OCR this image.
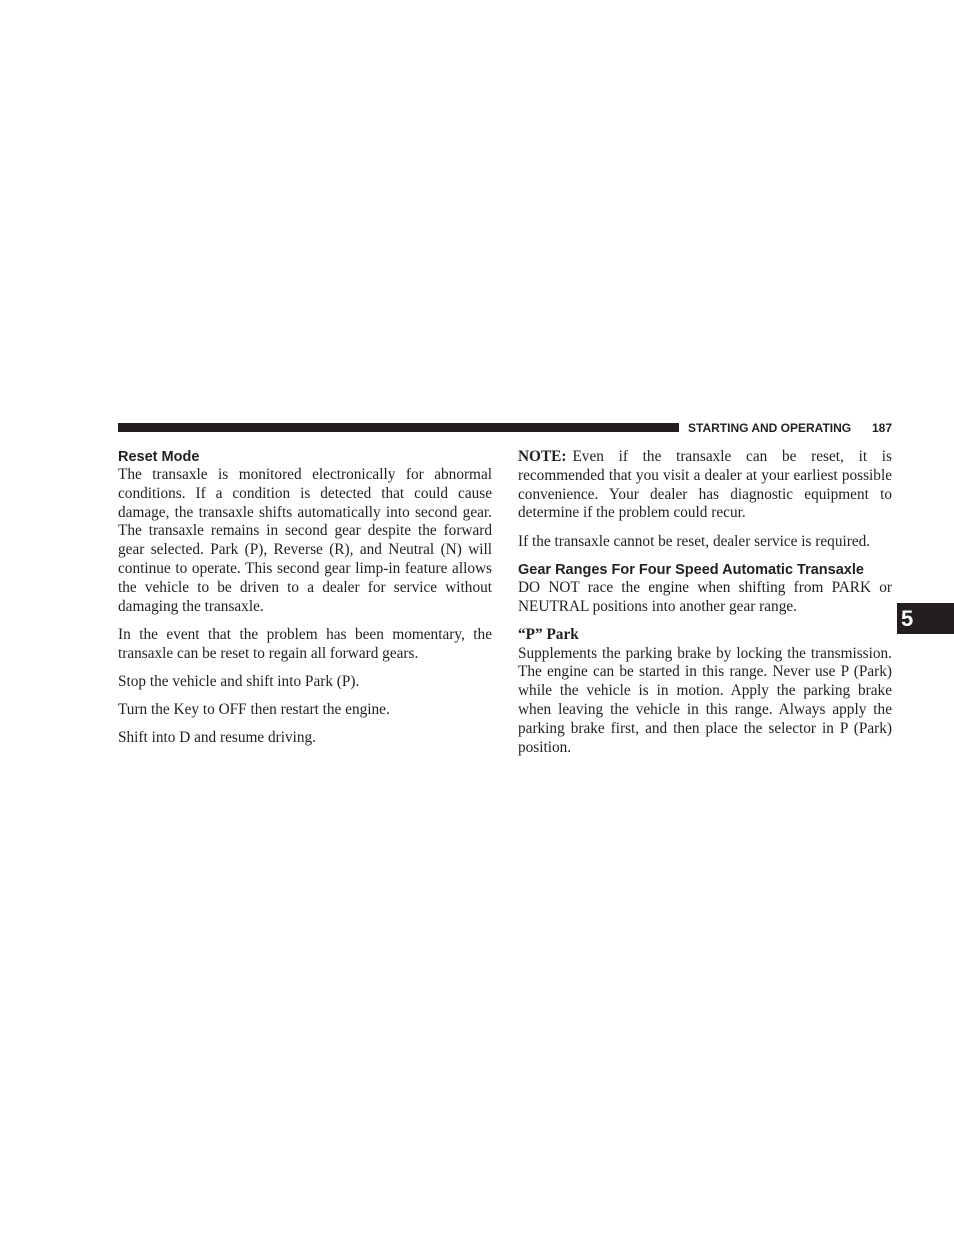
STARTING AND OPERATING 187
Reset Mode

The transaxle is monitored electronically for abnormal conditions. If a condition is detected that could cause damage, the transaxle shifts automatically into second gear. The transaxle remains in second gear despite the forward gear selected. Park (P), Reverse (R), and Neutral (N) will continue to operate. This second gear limp-in feature allows the vehicle to be driven to a dealer for service without damaging the transaxle.

In the event that the problem has been momentary, the transaxle can be reset to regain all forward gears.

Stop the vehicle and shift into Park (P).

Turn the Key to OFF then restart the engine.

Shift into D and resume driving.

NOTE: Even if the transaxle can be reset, it is recommended that you visit a dealer at your earliest possible convenience. Your dealer has diagnostic equipment to determine if the problem could recur.

If the transaxle cannot be reset, dealer service is required.

Gear Ranges For Four Speed Automatic Transaxle

DO NOT race the engine when shifting from PARK or NEUTRAL positions into another gear range.

“P” Park

Supplements the parking brake by locking the transmission. The engine can be started in this range. Never use P (Park) while the vehicle is in motion. Apply the parking brake when leaving the vehicle in this range. Always apply the parking brake first, and then place the selector in P (Park) position.

5
